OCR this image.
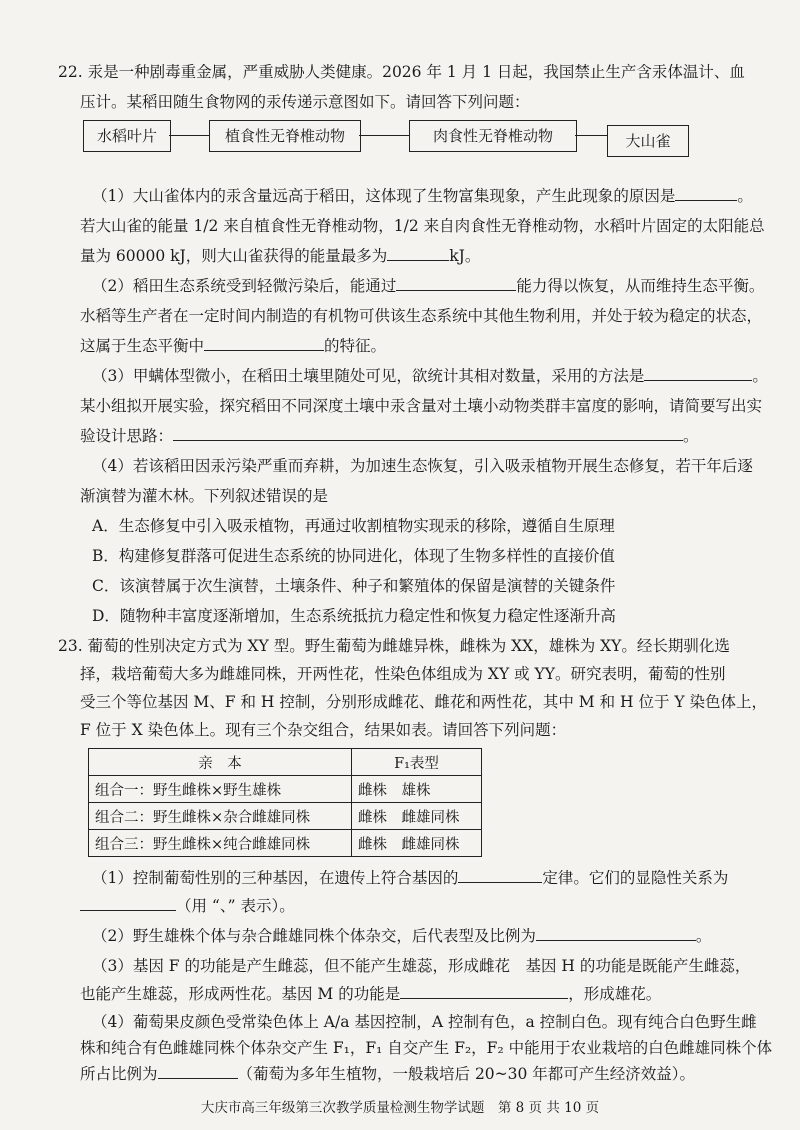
22. 汞是一种剧毒重金属，严重威胁人类健康。2026 年 1 月 1 日起，我国禁止生产含汞体温计、血
压计。某稻田随生食物网的汞传递示意图如下。请回答下列问题：
水稻叶片	植食性无脊椎动物	肉食性无脊椎动物	大山雀
（1）大山雀体内的汞含量远高于稻田，这体现了生物富集现象，产生此现象的原因是	。
若大山雀的能量 1/2 来自植食性无脊椎动物，1/2 来自肉食性无脊椎动物，水稻叶片固定的太阳能总
量为 60000 kJ，则大山雀获得的能量最多为	kJ。
（2）稻田生态系统受到轻微污染后，能通过	能力得以恢复，从而维持生态平衡。
水稻等生产者在一定时间内制造的有机物可供该生态系统中其他生物利用，并处于较为稳定的状态，
这属于生态平衡中	的特征。
（3）甲螨体型微小，在稻田土壤里随处可见，欲统计其相对数量，采用的方法是	。
某小组拟开展实验，探究稻田不同深度土壤中汞含量对土壤小动物类群丰富度的影响，请简要写出实
验设计思路：	。
（4）若该稻田因汞污染严重而弃耕，为加速生态恢复，引入吸汞植物开展生态修复，若干年后逐
渐演替为灌木林。下列叙述错误的是
A．生态修复中引入吸汞植物，再通过收割植物实现汞的移除，遵循自生原理
B．构建修复群落可促进生态系统的协同进化，体现了生物多样性的直接价值
C．该演替属于次生演替，土壤条件、种子和繁殖体的保留是演替的关键条件
D．随物种丰富度逐渐增加，生态系统抵抗力稳定性和恢复力稳定性逐渐升高
23. 葡萄的性别决定方式为 XY 型。野生葡萄为雌雄异株，雌株为 XX，雄株为 XY。经长期驯化选
择，栽培葡萄大多为雌雄同株，开两性花，性染色体组成为 XY 或 YY。研究表明，葡萄的性别
受三个等位基因 M、F 和 H 控制，分别形成雌花、雌花和两性花，其中 M 和 H 位于 Y 染色体上，
F 位于 X 染色体上。现有三个杂交组合，结果如表。请回答下列问题：
亲　本	F₁表型
组合一：野生雌株×野生雄株	雌株　雄株
组合二：野生雌株×杂合雌雄同株	雌株　雌雄同株
组合三：野生雌株×纯合雌雄同株	雌株　雌雄同株
（1）控制葡萄性别的三种基因，在遗传上符合基因的	定律。它们的显隐性关系为
（用 “、” 表示）。
（2）野生雄株个体与杂合雌雄同株个体杂交，后代表型及比例为	。
（3）基因 F 的功能是产生雌蕊，但不能产生雄蕊，形成雌花　基因 H 的功能是既能产生雌蕊，
也能产生雄蕊，形成两性花。基因 M 的功能是	，形成雄花。
（4）葡萄果皮颜色受常染色体上 A/a 基因控制，A 控制有色，a 控制白色。现有纯合白色野生雌
株和纯合有色雌雄同株个体杂交产生 F₁，F₁ 自交产生 F₂，F₂ 中能用于农业栽培的白色雌雄同株个体
所占比例为	（葡萄为多年生植物，一般栽培后 20~30 年都可产生经济效益）。
大庆市高三年级第三次教学质量检测生物学试题　第 8 页 共 10 页
